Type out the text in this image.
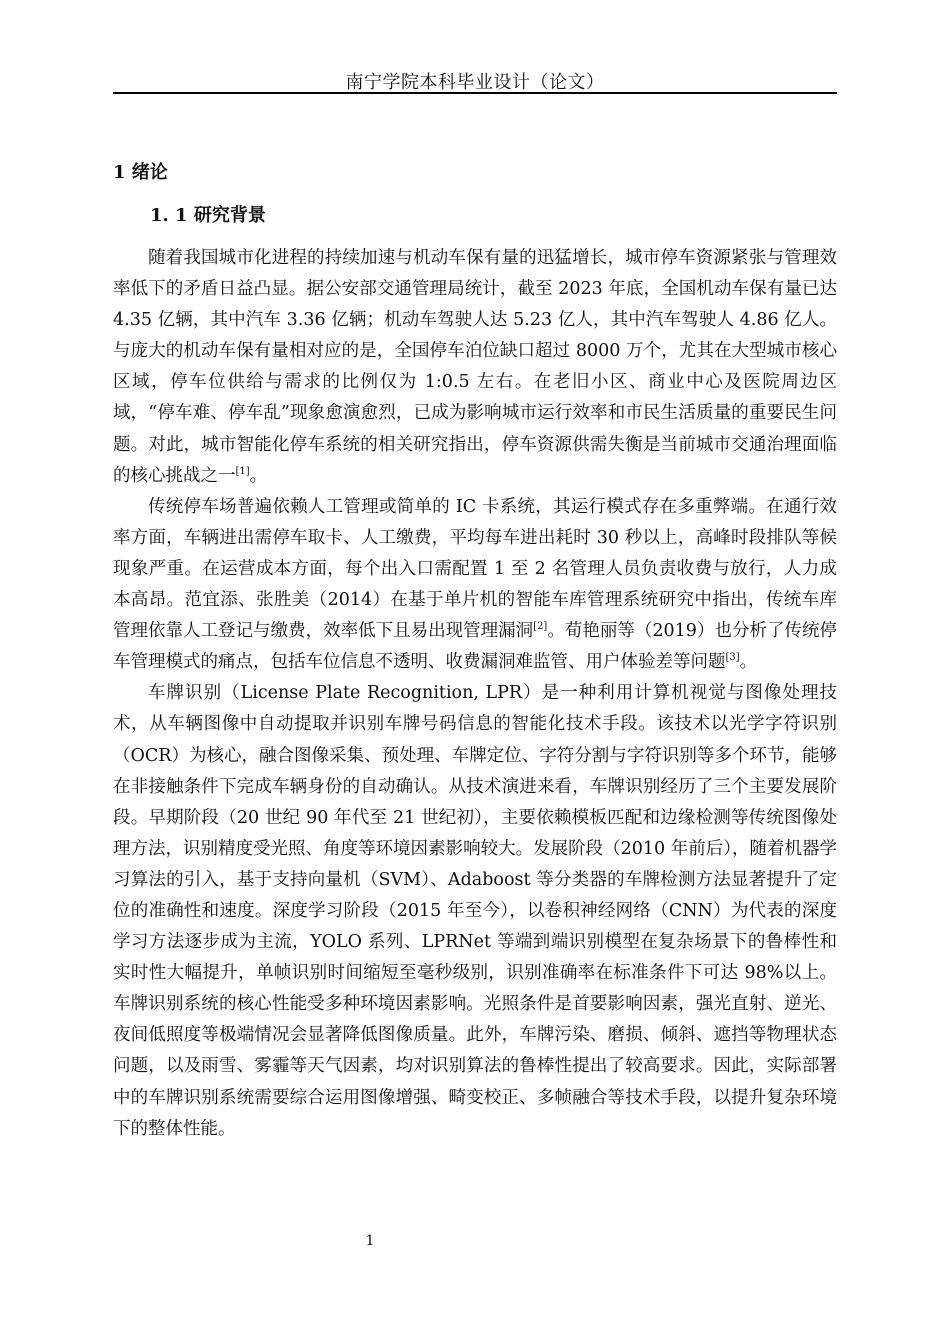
南宁学院本科毕业设计（论文）
1 绪论
1. 1 研究背景

随着我国城市化进程的持续加速与机动车保有量的迅猛增长，城市停车资源紧张与管理效率低下的矛盾日益凸显。据公安部交通管理局统计，截至 2023 年底，全国机动车保有量已达 4.35 亿辆，其中汽车 3.36 亿辆；机动车驾驶人达 5.23 亿人，其中汽车驾驶人 4.86 亿人。与庞大的机动车保有量相对应的是，全国停车泊位缺口超过 8000 万个，尤其在大型城市核心区域，停车位供给与需求的比例仅为 1:0.5 左右。在老旧小区、商业中心及医院周边区域，“停车难、停车乱”现象愈演愈烈，已成为影响城市运行效率和市民生活质量的重要民生问题。对此，城市智能化停车系统的相关研究指出，停车资源供需失衡是当前城市交通治理面临的核心挑战之一[1]。

传统停车场普遍依赖人工管理或简单的 IC 卡系统，其运行模式存在多重弊端。在通行效率方面，车辆进出需停车取卡、人工缴费，平均每车进出耗时 30 秒以上，高峰时段排队等候现象严重。在运营成本方面，每个出入口需配置 1 至 2 名管理人员负责收费与放行，人力成本高昂。范宜添、张胜美（2014）在基于单片机的智能车库管理系统研究中指出，传统车库管理依靠人工登记与缴费，效率低下且易出现管理漏洞[2]。荀艳丽等（2019）也分析了传统停车管理模式的痛点，包括车位信息不透明、收费漏洞难监管、用户体验差等问题[3]。

车牌识别（License Plate Recognition, LPR）是一种利用计算机视觉与图像处理技术，从车辆图像中自动提取并识别车牌号码信息的智能化技术手段。该技术以光学字符识别（OCR）为核心，融合图像采集、预处理、车牌定位、字符分割与字符识别等多个环节，能够在非接触条件下完成车辆身份的自动确认。从技术演进来看，车牌识别经历了三个主要发展阶段。早期阶段（20 世纪 90 年代至 21 世纪初），主要依赖模板匹配和边缘检测等传统图像处理方法，识别精度受光照、角度等环境因素影响较大。发展阶段（2010 年前后），随着机器学习算法的引入，基于支持向量机（SVM）、Adaboost 等分类器的车牌检测方法显著提升了定位的准确性和速度。深度学习阶段（2015 年至今），以卷积神经网络（CNN）为代表的深度学习方法逐步成为主流，YOLO 系列、LPRNet 等端到端识别模型在复杂场景下的鲁棒性和实时性大幅提升，单帧识别时间缩短至毫秒级别，识别准确率在标准条件下可达 98%以上。车牌识别系统的核心性能受多种环境因素影响。光照条件是首要影响因素，强光直射、逆光、夜间低照度等极端情况会显著降低图像质量。此外，车牌污染、磨损、倾斜、遮挡等物理状态问题，以及雨雪、雾霾等天气因素，均对识别算法的鲁棒性提出了较高要求。因此，实际部署中的车牌识别系统需要综合运用图像增强、畸变校正、多帧融合等技术手段，以提升复杂环境下的整体性能。

1
